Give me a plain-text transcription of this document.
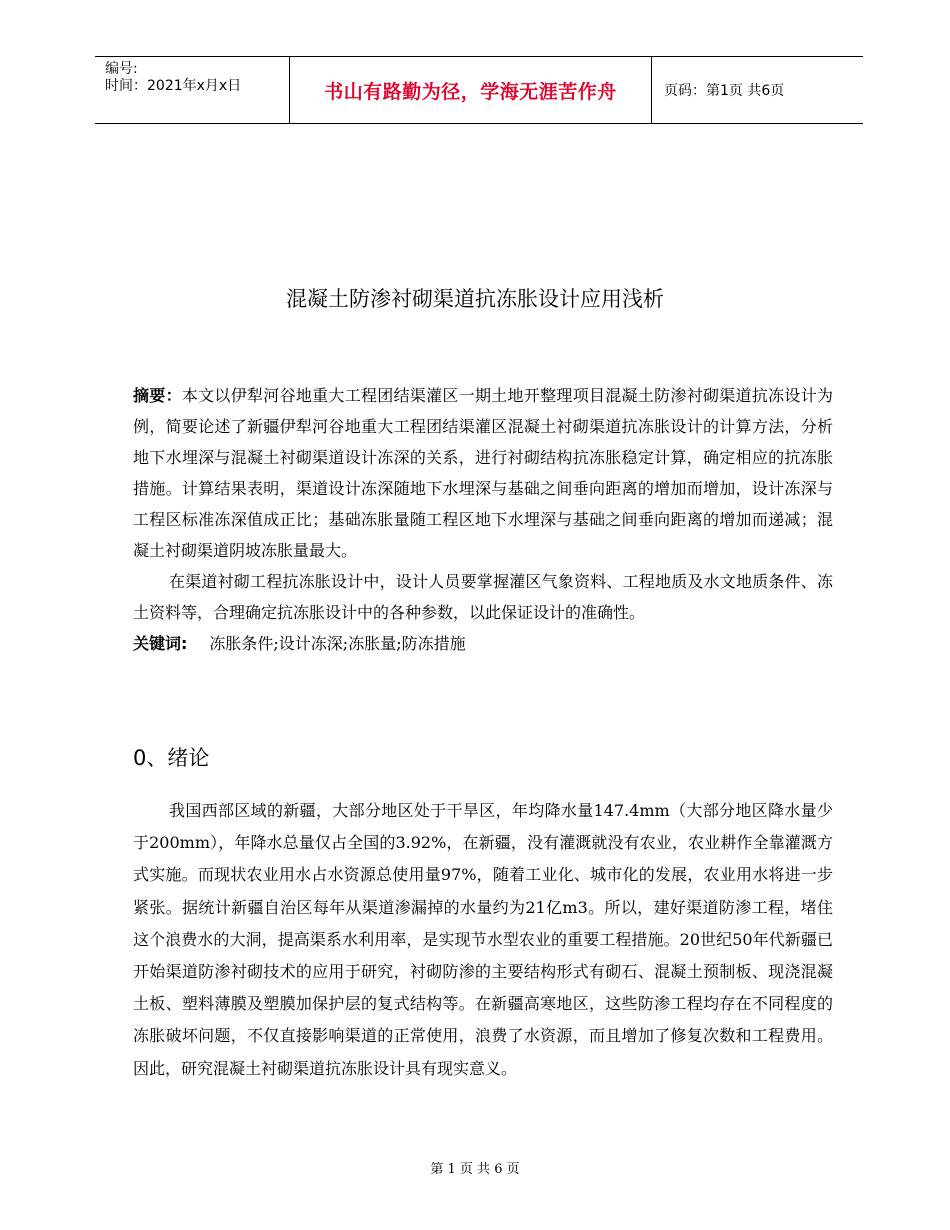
编号:
时间：2021年x月x日	书山有路勤为径，学海无涯苦作舟	页码：第1页 共6页
混凝土防渗衬砌渠道抗冻胀设计应用浅析

摘要：本文以伊犁河谷地重大工程团结渠灌区一期土地开整理项目混凝土防渗衬砌渠道抗冻设计为例，简要论述了新疆伊犁河谷地重大工程团结渠灌区混凝土衬砌渠道抗冻胀设计的计算方法，分析地下水埋深与混凝土衬砌渠道设计冻深的关系，进行衬砌结构抗冻胀稳定计算，确定相应的抗冻胀措施。计算结果表明，渠道设计冻深随地下水埋深与基础之间垂向距离的增加而增加，设计冻深与工程区标准冻深值成正比；基础冻胀量随工程区地下水埋深与基础之间垂向距离的增加而递减；混凝土衬砌渠道阴坡冻胀量最大。

在渠道衬砌工程抗冻胀设计中，设计人员要掌握灌区气象资料、工程地质及水文地质条件、冻土资料等，合理确定抗冻胀设计中的各种参数，以此保证设计的准确性。

关键词: 冻胀条件;设计冻深;冻胀量;防冻措施

0、绪论

我国西部区域的新疆，大部分地区处于干旱区，年均降水量147.4mm（大部分地区降水量少于200mm），年降水总量仅占全国的3.92%，在新疆，没有灌溉就没有农业，农业耕作全靠灌溉方式实施。而现状农业用水占水资源总使用量97%，随着工业化、城市化的发展，农业用水将进一步紧张。据统计新疆自治区每年从渠道渗漏掉的水量约为21亿m3。所以，建好渠道防渗工程，堵住这个浪费水的大洞，提高渠系水利用率，是实现节水型农业的重要工程措施。20世纪50年代新疆已开始渠道防渗衬砌技术的应用于研究，衬砌防渗的主要结构形式有砌石、混凝土预制板、现浇混凝土板、塑料薄膜及塑膜加保护层的复式结构等。在新疆高寒地区，这些防渗工程均存在不同程度的冻胀破坏问题，不仅直接影响渠道的正常使用，浪费了水资源，而且增加了修复次数和工程费用。因此，研究混凝土衬砌渠道抗冻胀设计具有现实意义。

第 1 页 共 6 页
